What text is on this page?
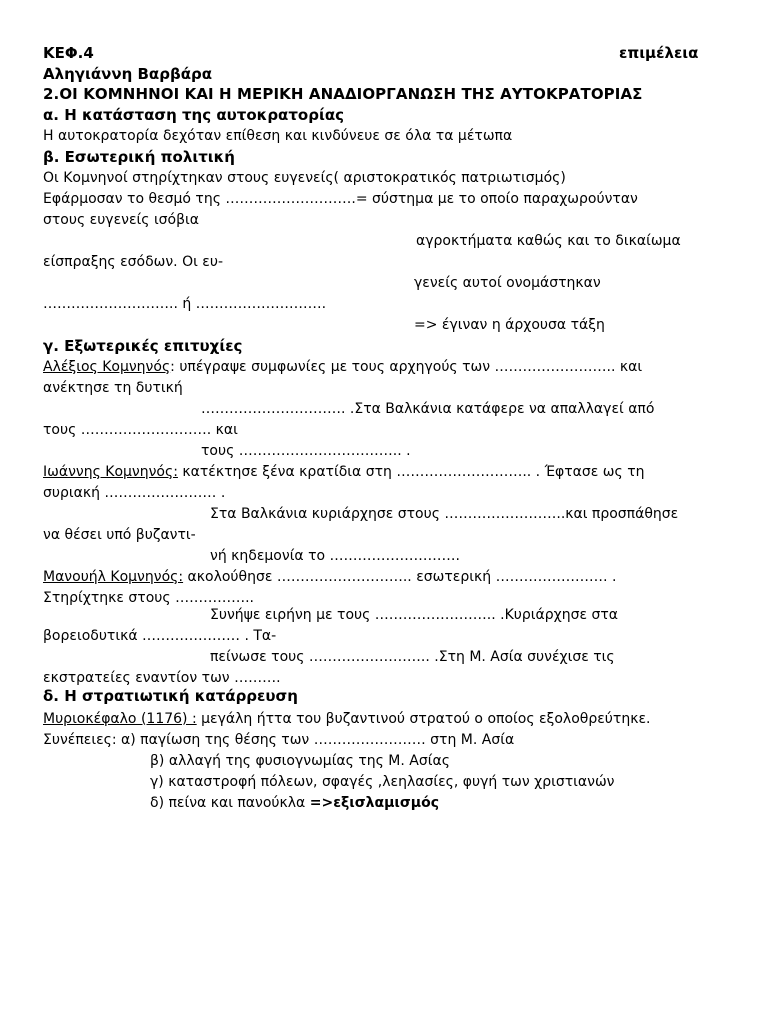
ΚΕΦ.4	επιμέλεια
Αληγιάννη Βαρβάρα
2.ΟΙ ΚΟΜΝΗΝΟΙ ΚΑΙ Η ΜΕΡΙΚΗ ΑΝΑΔΙΟΡΓΑΝΩΣΗ ΤΗΣ ΑΥΤΟΚΡΑΤΟΡΙΑΣ
α. Η κατάσταση της αυτοκρατορίας
Η αυτοκρατορία δεχόταν επίθεση και κινδύνευε σε όλα τα μέτωπα
β. Εσωτερική πολιτική
Οι Κομνηνοί στηρίχτηκαν στους ευγενείς( αριστοκρατικός πατριωτισμός)
Εφάρμοσαν το θεσμό της ……………………….= σύστημα με το οποίο παραχωρούνταν
στους ευγενείς ισόβια
αγροκτήματα καθώς και το δικαίωμα
είσπραξης εσόδων. Οι ευ-
γενείς αυτοί ονομάστηκαν
……………………….. ή ……………………….
=> έγιναν η άρχουσα τάξη
γ. Εξωτερικές επιτυχίες
Αλέξιος Κομνηνός: υπέγραψε συμφωνίες με τους αρχηγούς των …………………….. και
ανέκτησε τη δυτική
…………………………. .Στα Βαλκάνια κατάφερε να απαλλαγεί από
τους ………………………. και
τους …………………………….. .
Ιωάννης Κομνηνός: κατέκτησε ξένα κρατίδια στη ……………………….. . Έφτασε ως τη
συριακή …………………… .
Στα Βαλκάνια κυριάρχησε στους ……………………..και προσπάθησε
να θέσει υπό βυζαντι-
νή κηδεμονία το ……………………….
Μανουήλ Κομνηνός: ακολούθησε ……………………….. εσωτερική …………………… .
Στηρίχτηκε στους ……………..
Συνήψε ειρήνη με τους …………………….. .Κυριάρχησε στα
βορειοδυτικά ………………… . Τα-
πείνωσε τους …………………….. .Στη Μ. Ασία συνέχισε τις
εκστρατείες εναντίον των ……….
δ. Η στρατιωτική κατάρρευση
Μυριοκέφαλο (1176) : μεγάλη ήττα του βυζαντινού στρατού ο οποίος εξολοθρεύτηκε.
Συνέπειες: α) παγίωση της θέσης των …………………… στη Μ. Ασία
β) αλλαγή της φυσιογνωμίας της Μ. Ασίας
γ) καταστροφή πόλεων, σφαγές ,λεηλασίες, φυγή των χριστιανών
δ) πείνα και πανούκλα =>εξισλαμισμός
